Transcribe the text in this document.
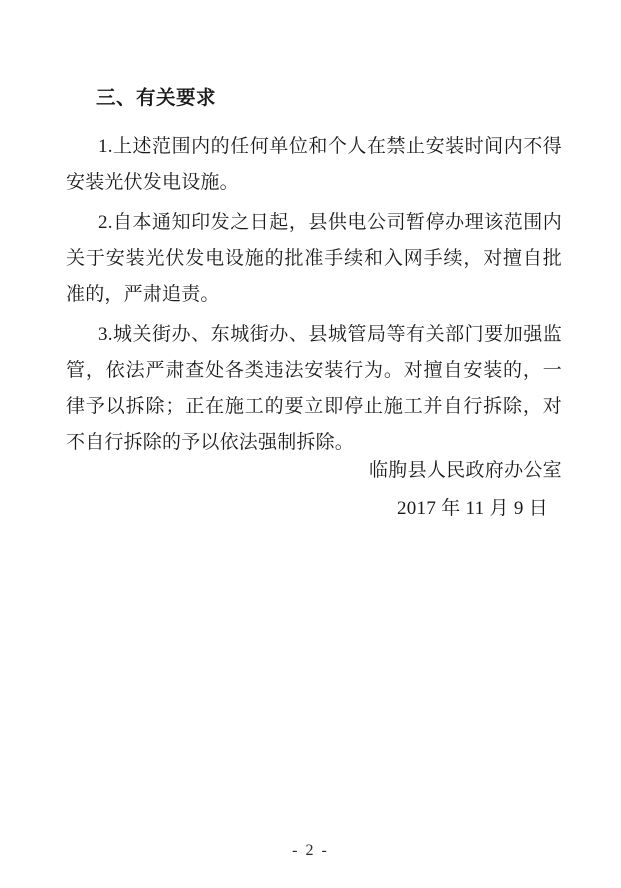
三、有关要求

1.上述范围内的任何单位和个人在禁止安装时间内不得安装光伏发电设施。

2.自本通知印发之日起，县供电公司暂停办理该范围内关于安装光伏发电设施的批准手续和入网手续，对擅自批准的，严肃追责。

3.城关街办、东城街办、县城管局等有关部门要加强监管，依法严肃查处各类违法安装行为。对擅自安装的，一律予以拆除；正在施工的要立即停止施工并自行拆除，对不自行拆除的予以依法强制拆除。

临朐县人民政府办公室
2017 年 11 月 9 日
- 2 -
